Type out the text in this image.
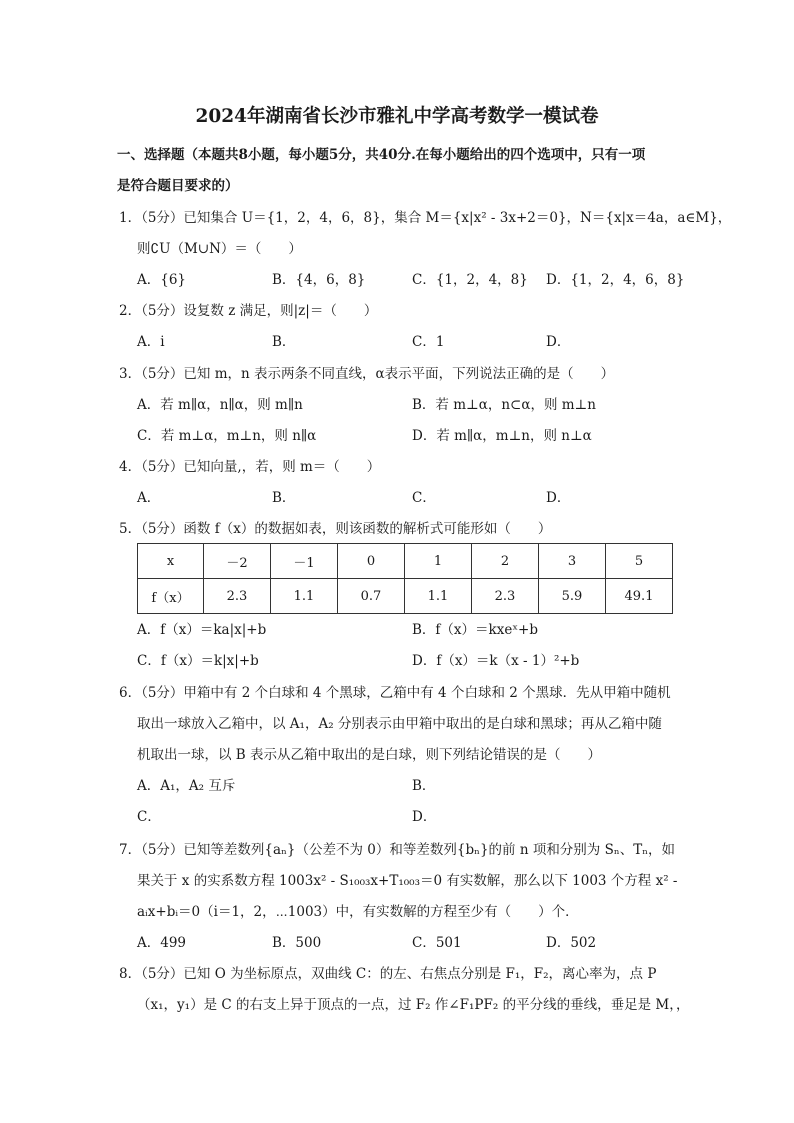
2024年湖南省长沙市雅礼中学高考数学一模试卷
一、选择题（本题共8小题，每小题5分，共40分.在每小题给出的四个选项中，只有一项
是符合题目要求的）
1．（5分）已知集合 U＝{1，2，4，6，8}，集合 M＝{x|x² - 3x+2＝0}，N＝{x|x＝4a，a∈M}，
则∁U（M∪N）＝（　　）
A．{6}	B．{4，6，8}	C．{1，2，4，8} D．{1，2，4，6，8}
2．（5分）设复数 z 满足，则|z|＝（　　）
A．i	B．	C．1	D．
3．（5分）已知 m，n 表示两条不同直线，α表示平面，下列说法正确的是（　　）
A．若 m∥α，n∥α，则 m∥n	B．若 m⊥α，n⊂α，则 m⊥n
C．若 m⊥α，m⊥n，则 n∥α	D．若 m∥α，m⊥n，则 n⊥α
4．（5分）已知向量,，若，则 m＝（　　）
A．	B．	C．	D．
5．（5分）函数 f（x）的数据如表，则该函数的解析式可能形如（　　）
x	－2	－1	0	1	2	3	5
f（x）	2.3	1.1	0.7	1.1	2.3	5.9	49.1
A．f（x）＝ka|x|+b	B．f（x）＝kxeˣ+b
C．f（x）＝k|x|+b	D．f（x）＝k（x - 1）²+b
6．（5分）甲箱中有 2 个白球和 4 个黑球，乙箱中有 4 个白球和 2 个黑球．先从甲箱中随机
取出一球放入乙箱中，以 A₁，A₂ 分别表示由甲箱中取出的是白球和黑球；再从乙箱中随
机取出一球，以 B 表示从乙箱中取出的是白球，则下列结论错误的是（　　）
A．A₁，A₂ 互斥	B．
C．	D．
7．（5分）已知等差数列{aₙ}（公差不为 0）和等差数列{bₙ}的前 n 项和分别为 Sₙ、Tₙ，如
果关于 x 的实系数方程 1003x² - S₁₀₀₃x+T₁₀₀₃＝0 有实数解，那么以下 1003 个方程 x² -
aᵢx+bᵢ＝0（i＝1，2，⋯1003）中，有实数解的方程至少有（　　）个．
A．499	B．500	C．501	D．502
8．（5分）已知 O 为坐标原点，双曲线 C：的左、右焦点分别是 F₁，F₂，离心率为，点 P
（x₁，y₁）是 C 的右支上异于顶点的一点，过 F₂ 作∠F₁PF₂ 的平分线的垂线，垂足是 M，，
